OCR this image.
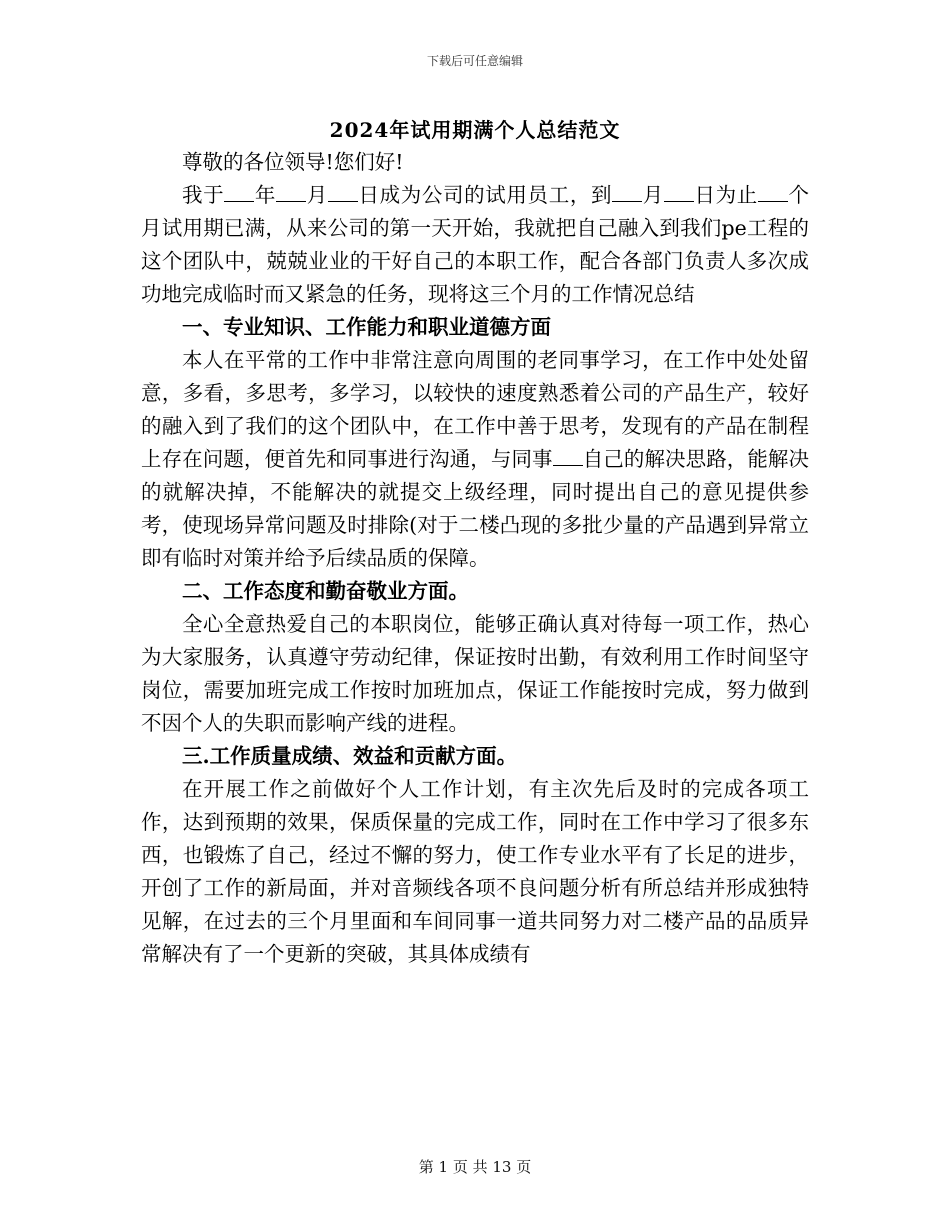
下载后可任意编辑
2024年试用期满个人总结范文

尊敬的各位领导!您们好!

我于 年 月 日成为公司的试用员工，到 月 日为止 个月试用期已满，从来公司的第一天开始，我就把自己融入到我们pe工程的这个团队中，兢兢业业的干好自己的本职工作，配合各部门负责人多次成功地完成临时而又紧急的任务，现将这三个月的工作情况总结

一、专业知识、工作能力和职业道德方面

本人在平常的工作中非常注意向周围的老同事学习，在工作中处处留意，多看，多思考，多学习，以较快的速度熟悉着公司的产品生产，较好的融入到了我们的这个团队中，在工作中善于思考，发现有的产品在制程上存在问题，便首先和同事进行沟通，与同事 自己的解决思路，能解决的就解决掉，不能解决的就提交上级经理，同时提出自己的意见提供参考，使现场异常问题及时排除(对于二楼凸现的多批少量的产品遇到异常立即有临时对策并给予后续品质的保障。

二、工作态度和勤奋敬业方面。

全心全意热爱自己的本职岗位，能够正确认真对待每一项工作，热心为大家服务，认真遵守劳动纪律，保证按时出勤，有效利用工作时间坚守岗位，需要加班完成工作按时加班加点，保证工作能按时完成，努力做到不因个人的失职而影响产线的进程。

三.工作质量成绩、效益和贡献方面。

在开展工作之前做好个人工作计划，有主次先后及时的完成各项工作，达到预期的效果，保质保量的完成工作，同时在工作中学习了很多东西，也锻炼了自己，经过不懈的努力，使工作专业水平有了长足的进步，开创了工作的新局面，并对音频线各项不良问题分析有所总结并形成独特见解，在过去的三个月里面和车间同事一道共同努力对二楼产品的品质异常解决有了一个更新的突破，其具体成绩有

第 1 页 共 13 页
